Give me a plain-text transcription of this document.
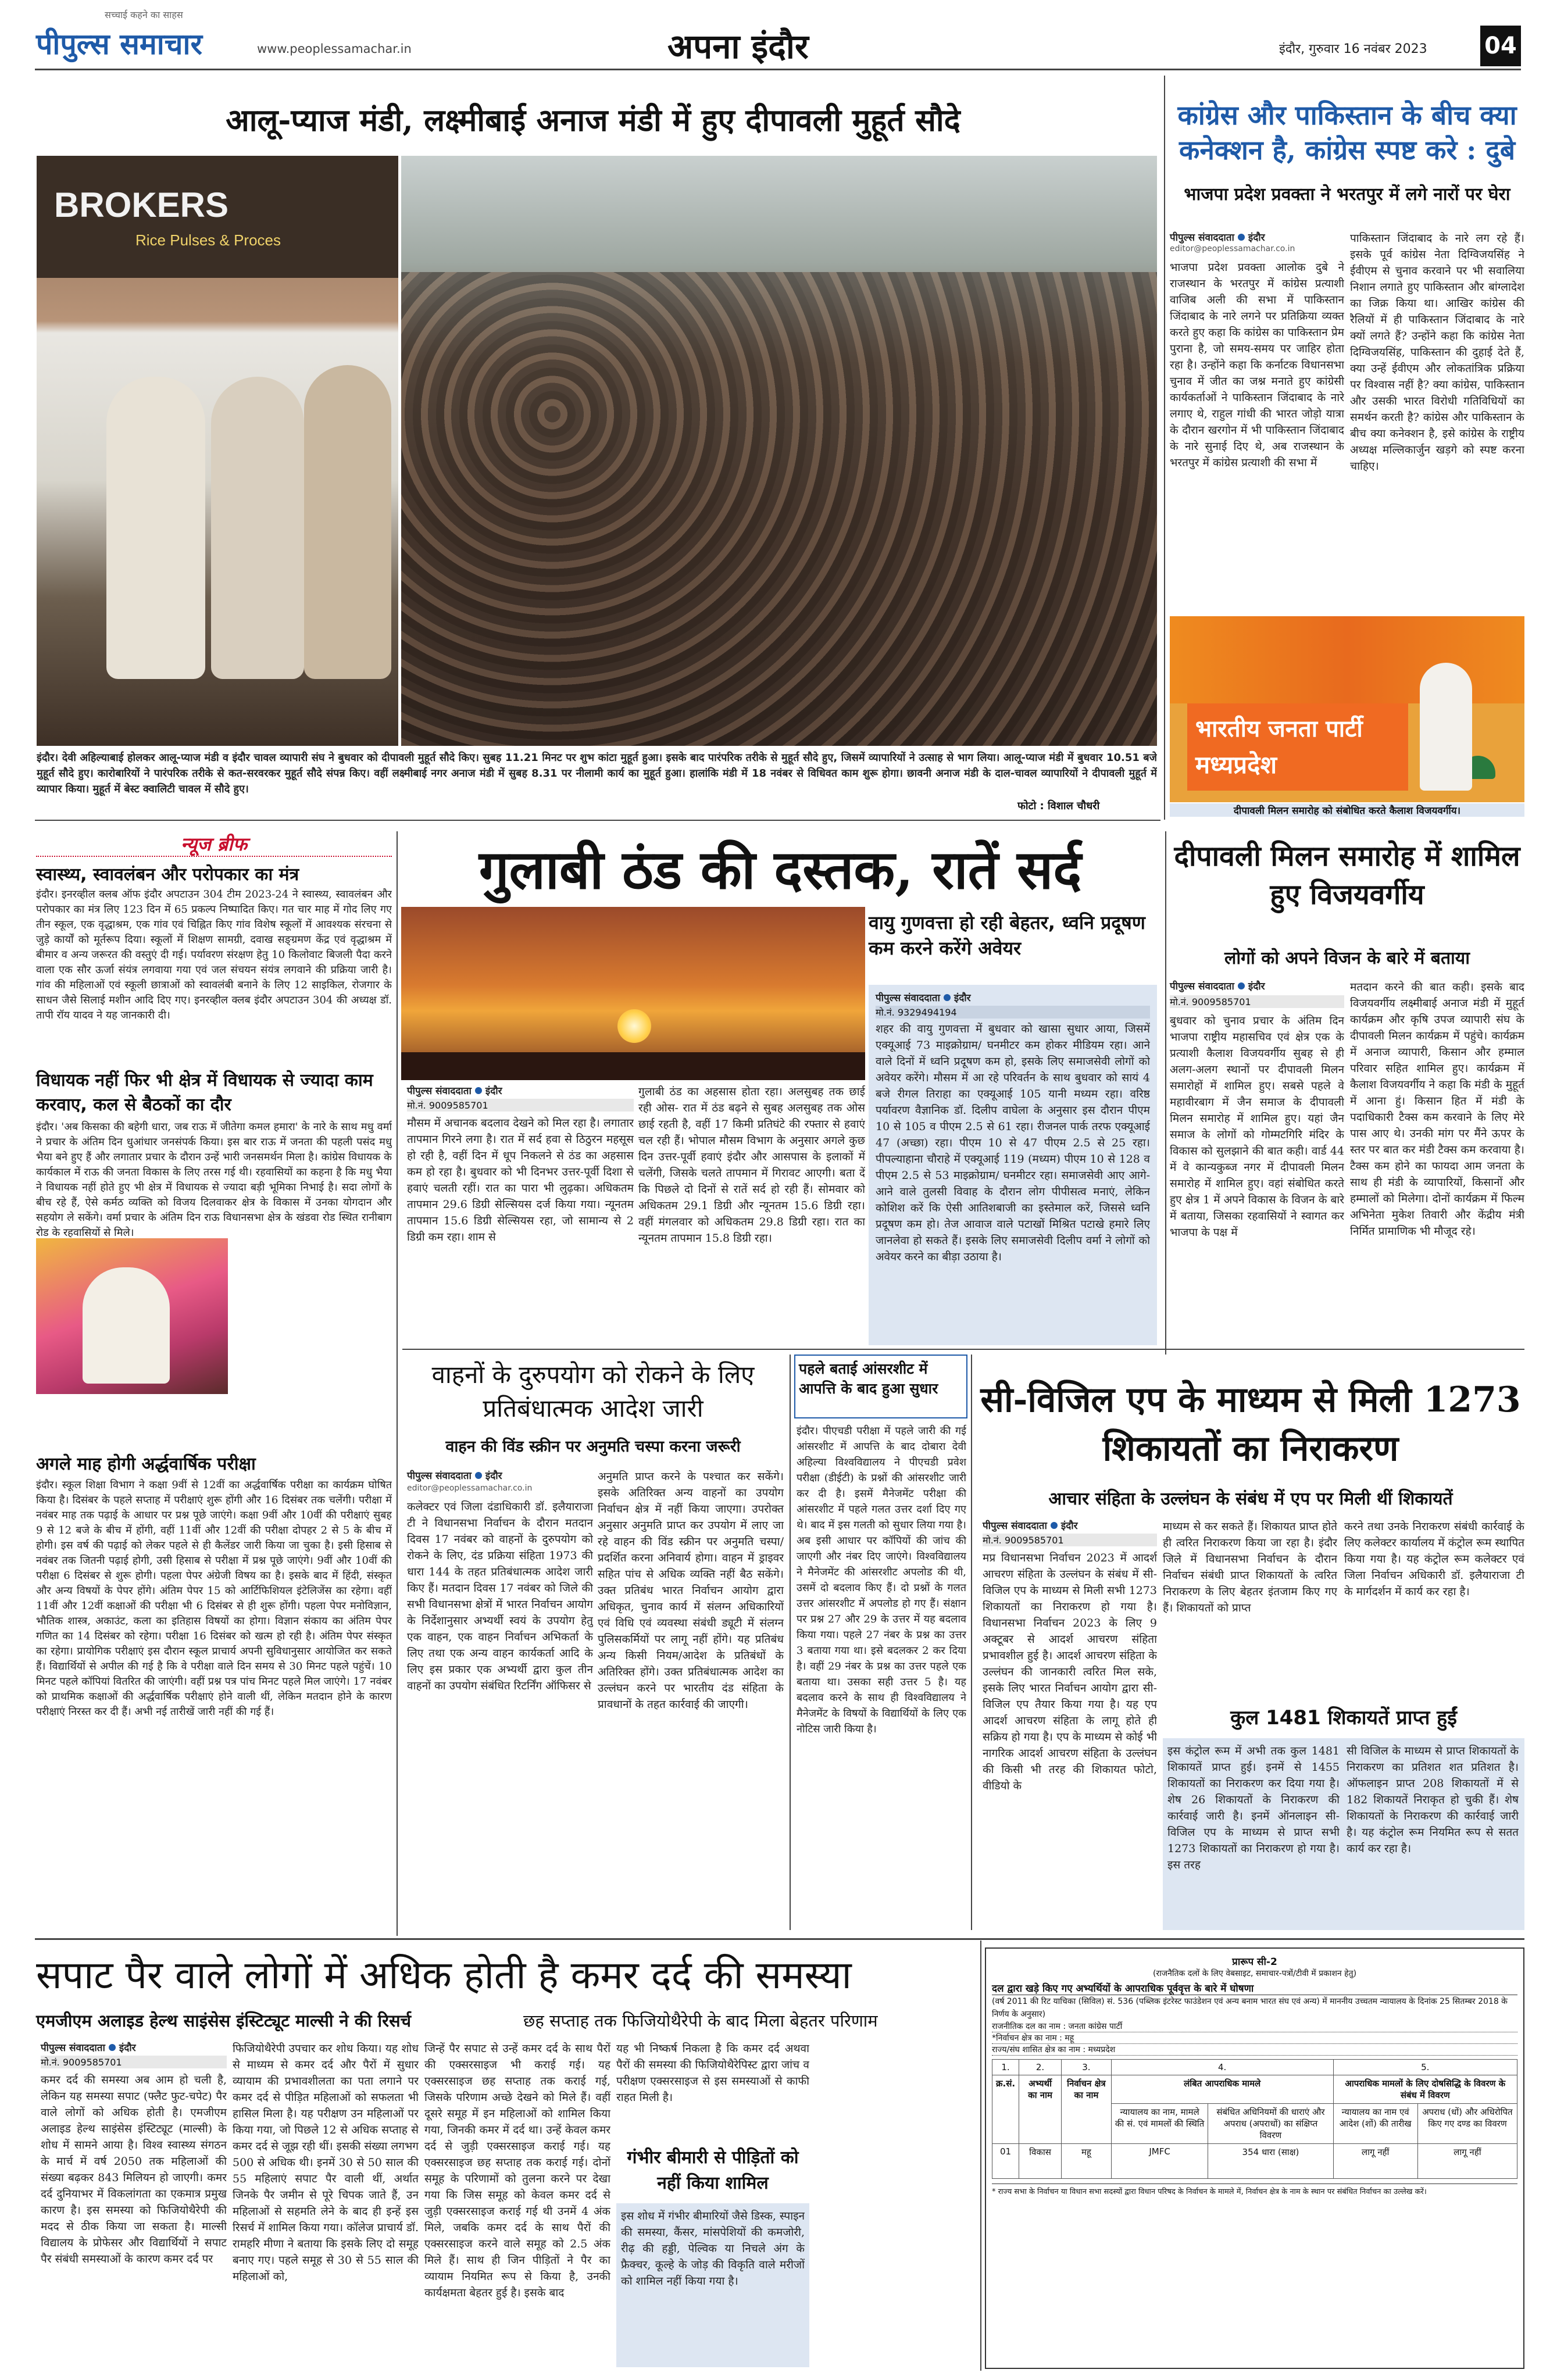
पीपुल्स समाचार
सच्चाई कहने का साहस
www.peoplessamachar.in	अपना इंदौर	इंदौर, गुरुवार 16 नवंबर 2023 04
आलू-प्याज मंडी, लक्ष्मीबाई अनाज मंडी में हुए दीपावली मुहूर्त सौदे
BROKERS
Rice Pulses & Proces
इंदौर। देवी अहिल्याबाई होलकर आलू-प्याज मंडी व इंदौर चावल व्यापारी संघ ने बुधवार को दीपावली मुहूर्त सौदे किए। सुबह 11.21 मिनट पर शुभ कांटा मुहूर्त हुआ। इसके बाद पारंपरिक तरीके से मुहूर्त सौदे हुए, जिसमें व्यापारियों ने उत्साह से भाग लिया। आलू-प्याज मंडी में बुधवार 10.51 बजे मुहूर्त सौदे हुए। कारोबारियों ने पारंपरिक तरीके से कत-सरवरकर मुहूर्त सौदे संपन्न किए। वहीं लक्ष्मीबाई नगर अनाज मंडी में सुबह 8.31 पर नीलामी कार्य का मुहूर्त हुआ। हालांकि मंडी में 18 नवंबर से विधिवत काम शुरू होगा। छावनी अनाज मंडी के दाल-चावल व्यापारियों ने दीपावली मुहूर्त में व्यापार किया। मुहूर्त में बेस्ट क्वालिटी चावल में सौदे हुए।
फोटो : विशाल चौधरी
कांग्रेस और पाकिस्तान के बीच क्या कनेक्शन है, कांग्रेस स्पष्ट करे : दुबे
भाजपा प्रदेश प्रवक्ता ने भरतपुर में लगे नारों पर घेरा
पीपुल्स संवाददाता इंदौर
editor@peoplessamachar.co.in
भाजपा प्रदेश प्रवक्ता आलोक दुबे ने राजस्थान के भरतपुर में कांग्रेस प्रत्याशी वाजिब अली की सभा में पाकिस्तान जिंदाबाद के नारे लगने पर प्रतिक्रिया व्यक्त करते हुए कहा कि कांग्रेस का पाकिस्तान प्रेम पुराना है, जो समय-समय पर जाहिर होता रहा है। उन्होंने कहा कि कर्नाटक विधानसभा चुनाव में जीत का जश्न मनाते हुए कांग्रेसी कार्यकर्ताओं ने पाकिस्तान जिंदाबाद के नारे लगाए थे, राहुल गांधी की भारत जोड़ो यात्रा के दौरान खरगोन में भी पाकिस्तान जिंदाबाद के नारे सुनाई दिए थे, अब राजस्थान के भरतपुर में कांग्रेस प्रत्याशी की सभा में
पाकिस्तान जिंदाबाद के नारे लग रहे हैं। इसके पूर्व कांग्रेस नेता दिग्विजयसिंह ने ईवीएम से चुनाव करवाने पर भी सवालिया निशान लगाते हुए पाकिस्तान और बांग्लादेश का जिक्र किया था। आखिर कांग्रेस की रैलियों में ही पाकिस्तान जिंदाबाद के नारे क्यों लगते हैं? उन्होंने कहा कि कांग्रेस नेता दिग्विजयसिंह, पाकिस्तान की दुहाई देते हैं, क्या उन्हें ईवीएम और लोकतांत्रिक प्रक्रिया पर विश्वास नहीं है? क्या कांग्रेस, पाकिस्तान और उसकी भारत विरोधी गतिविधियों का समर्थन करती है? कांग्रेस और पाकिस्तान के बीच क्या कनेक्शन है, इसे कांग्रेस के राष्ट्रीय अध्यक्ष मल्लिकार्जुन खड़गे को स्पष्ट करना चाहिए।
भारतीय जनता पार्टी
मध्यप्रदेश
दीपावली मिलन समारोह को संबोधित करते कैलाश विजयवर्गीय।
दीपावली मिलन समारोह में शामिल हुए विजयवर्गीय
लोगों को अपने विजन के बारे में बताया
पीपुल्स संवाददाता इंदौर
मो.नं. 9009585701
बुधवार को चुनाव प्रचार के अंतिम दिन भाजपा राष्ट्रीय महासचिव एवं क्षेत्र एक के प्रत्याशी कैलाश विजयवर्गीय सुबह से ही अलग-अलग स्थानों पर दीपावली मिलन समारोहों में शामिल हुए। सबसे पहले वे महावीरबाग में जैन समाज के दीपावली मिलन समारोह में शामिल हुए। यहां जैन समाज के लोगों को गोम्मटगिरि मंदिर के विकास को सुलझाने की बात कही। वार्ड 44 में वे कान्यकुब्ज नगर में दीपावली मिलन समारोह में शामिल हुए। वहां संबोधित करते हुए क्षेत्र 1 में अपने विकास के विजन के बारे में बताया, जिसका रहवासियों ने स्वागत कर भाजपा के पक्ष में
मतदान करने की बात कही। इसके बाद विजयवर्गीय लक्ष्मीबाई अनाज मंडी में मुहूर्त कार्यक्रम और कृषि उपज व्यापारी संघ के दीपावली मिलन कार्यक्रम में पहुंचे। कार्यक्रम में अनाज व्यापारी, किसान और हम्माल परिवार सहित शामिल हुए। कार्यक्रम में कैलाश विजयवर्गीय ने कहा कि मंडी के मुहूर्त में आना हुं। किसान हित में मंडी के पदाधिकारी टैक्स कम करवाने के लिए मेरे पास आए थे। उनकी मांग पर मैंने ऊपर के स्तर पर बात कर मंडी टैक्स कम करवाया है। टैक्स कम होने का फायदा आम जनता के साथ ही मंडी के व्यापारियों, किसानों और हम्मालों को मिलेगा। दोनों कार्यक्रम में फिल्म अभिनेता मुकेश तिवारी और केंद्रीय मंत्री निर्मित प्रामाणिक भी मौजूद रहे।
न्यूज ब्रीफ
स्वास्थ्य, स्वावलंबन और परोपकार का मंत्र
इंदौर। इनरव्हील क्लब ऑफ इंदौर अपटाउन 304 टीम 2023-24 ने स्वास्थ्य, स्वावलंबन और परोपकार का मंत्र लिए 123 दिन में 65 प्रकल्प निष्पादित किए। गत चार माह में गोद लिए गए तीन स्कूल, एक वृद्धाश्रम, एक गांव एवं चिह्नित किए गांव विशेष स्कूलों में आवश्यक संरचना से जुड़े कार्यों को मूर्तरूप दिया। स्कूलों में शिक्षण सामग्री, दवाख सङ्ग्रमण केंद्र एवं वृद्धाश्रम में बीमार व अन्य जरूरत की वस्तुएं दी गई। पर्यावरण संरक्षण हेतु 10 किलोवाट बिजली पैदा करने वाला एक सौर ऊर्जा संयंत्र लगवाया गया एवं जल संचयन संयंत्र लगवाने की प्रक्रिया जारी है। गांव की महिलाओं एवं स्कूली छात्राओं को स्वावलंबी बनाने के लिए 12 साइकिल, रोजगार के साधन जैसे सिलाई मशीन आदि दिए गए। इनरव्हील क्लब इंदौर अपटाउन 304 की अध्यक्ष डॉ. तापी रॉय यादव ने यह जानकारी दी।
विधायक नहीं फिर भी क्षेत्र में विधायक से ज्यादा काम करवाए, कल से बैठकों का दौर
इंदौर। 'अब किसका की बहेगी धारा, जब राऊ में जीतेगा कमल हमारा' के नारे के साथ मधु वर्मा ने प्रचार के अंतिम दिन धुआंधार जनसंपर्क किया। इस बार राऊ में जनता की पहली पसंद मधु भैया बने हुए हैं और लगातार प्रचार के दौरान उन्हें भारी जनसमर्थन मिला है। कांग्रेस विधायक के कार्यकाल में राऊ की जनता विकास के लिए तरस गई थी। रहवासियों का कहना है कि मधु भैया ने विधायक नहीं होते हुए भी क्षेत्र में विधायक से ज्यादा बड़ी भूमिका निभाई है। सदा लोगों के बीच रहे हैं, ऐसे कर्मठ व्यक्ति को विजय दिलवाकर क्षेत्र के विकास में उनका योगदान और सहयोग ले सकेंगे। वर्मा प्रचार के अंतिम दिन राऊ विधानसभा क्षेत्र के खंडवा रोड स्थित रानीबाग रोड के रहवासियों से मिले।
अगले माह होगी अर्द्धवार्षिक परीक्षा
इंदौर। स्कूल शिक्षा विभाग ने कक्षा 9वीं से 12वीं का अर्द्धवार्षिक परीक्षा का कार्यक्रम घोषित किया है। दिसंबर के पहले सप्ताह में परीक्षाएं शुरू होंगी और 16 दिसंबर तक चलेंगी। परीक्षा में नवंबर माह तक पढ़ाई के आधार पर प्रश्न पूछे जाएंगे। कक्षा 9वीं और 10वीं की परीक्षाएं सुबह 9 से 12 बजे के बीच में होंगी, वहीं 11वीं और 12वीं की परीक्षा दोपहर 2 से 5 के बीच में होगी। इस वर्ष की पढ़ाई को लेकर पहले से ही कैलेंडर जारी किया जा चुका है। इसी हिसाब से नवंबर तक जितनी पढ़ाई होगी, उसी हिसाब से परीक्षा में प्रश्न पूछे जाएंगे। 9वीं और 10वीं की परीक्षा 6 दिसंबर से शुरू होगी। पहला पेपर अंग्रेजी विषय का है। इसके बाद में हिंदी, संस्कृत और अन्य विषयों के पेपर होंगे। अंतिम पेपर 15 को आर्टिफिशियल इंटेलिजेंस का रहेगा। वहीं 11वीं और 12वीं कक्षाओं की परीक्षा भी 6 दिसंबर से ही शुरू होंगी। पहला पेपर मनोविज्ञान, भौतिक शास्त्र, अकाउंट, कला का इतिहास विषयों का होगा। विज्ञान संकाय का अंतिम पेपर गणित का 14 दिसंबर को रहेगा। परीक्षा 16 दिसंबर को खत्म हो रही है। अंतिम पेपर संस्कृत का रहेगा। प्रायोगिक परीक्षाएं इस दौरान स्कूल प्राचार्य अपनी सुविधानुसार आयोजित कर सकते हैं। विद्यार्थियों से अपील की गई है कि वे परीक्षा वाले दिन समय से 30 मिनट पहले पहुंचें। 10 मिनट पहले कॉपियां वितरित की जाएंगी। वहीं प्रश्न पत्र पांच मिनट पहले मिल जाएंगे। 17 नवंबर को प्राथमिक कक्षाओं की अर्द्धवार्षिक परीक्षाएं होने वाली थीं, लेकिन मतदान होने के कारण परीक्षाएं निरस्त कर दी हैं। अभी नई तारीखें जारी नहीं की गई हैं।
गुलाबी ठंड की दस्तक, रातें सर्द
वायु गुणवत्ता हो रही बेहतर, ध्वनि प्रदूषण कम करने करेंगे अवेयर
पीपुल्स संवाददाता इंदौर
मो.नं. 9009585701
मौसम में अचानक बदलाव देखने को मिल रहा है। लगातार तापमान गिरने लगा है। रात में सर्द हवा से ठिठुरन महसूस हो रही है, वहीं दिन में धूप निकलने से ठंड का अहसास कम हो रहा है। बुधवार को भी दिनभर उत्तर-पूर्वी दिशा से हवाएं चलती रहीं। रात का पारा भी लुढ़का। अधिकतम तापमान 29.6 डिग्री सेल्सियस दर्ज किया गया। न्यूनतम तापमान 15.6 डिग्री सेल्सियस रहा, जो सामान्य से 2 डिग्री कम रहा। शाम से
गुलाबी ठंड का अहसास होता रहा। अलसुबह तक छाई रही ओस- रात में ठंड बढ़ने से सुबह अलसुबह तक ओस छाई रहती है, वहीं 17 किमी प्रतिघंटे की रफ्तार से हवाएं चल रही हैं। भोपाल मौसम विभाग के अनुसार अगले कुछ दिन उत्तर-पूर्वी हवाएं इंदौर और आसपास के इलाकों में चलेंगी, जिसके चलते तापमान में गिरावट आएगी। बता दें कि पिछले दो दिनों से रातें सर्द हो रही हैं। सोमवार को अधिकतम 29.1 डिग्री और न्यूनतम 15.6 डिग्री रहा। वहीं मंगलवार को अधिकतम 29.8 डिग्री रहा। रात का न्यूनतम तापमान 15.8 डिग्री रहा।
पीपुल्स संवाददाता इंदौर
मो.नं. 9329494194
शहर की वायु गुणवत्ता में बुधवार को खासा सुधार आया, जिसमें एक्यूआई 73 माइक्रोग्राम/ घनमीटर कम होकर मीडियम रहा। आने वाले दिनों में ध्वनि प्रदूषण कम हो, इसके लिए समाजसेवी लोगों को अवेयर करेंगे। मौसम में आ रहे परिवर्तन के साथ बुधवार को सायं 4 बजे रीगल तिराहा का एक्यूआई 105 यानी मध्यम रहा। वरिष्ठ पर्यावरण वैज्ञानिक डॉ. दिलीप वाघेला के अनुसार इस दौरान पीएम 10 से 105 व पीएम 2.5 से 61 रहा। रीजनल पार्क तरफ एक्यूआई 47 (अच्छा) रहा। पीएम 10 से 47 पीएम 2.5 से 25 रहा। पीपल्याहाना चौराहे में एक्यूआई 119 (मध्यम) पीएम 10 से 128 व पीएम 2.5 से 53 माइक्रोग्राम/ घनमीटर रहा। समाजसेवी आए आगे- आने वाले तुलसी विवाह के दौरान लोग पीपीसत्व मनाएं, लेकिन कोशिश करें कि ऐसी आतिशबाजी का इस्तेमाल करें, जिससे ध्वनि प्रदूषण कम हो। तेज आवाज वाले पटाखों मिश्रित पटाखे हमारे लिए जानलेवा हो सकते हैं। इसके लिए समाजसेवी दिलीप वर्मा ने लोगों को अवेयर करने का बीड़ा उठाया है।
वाहनों के दुरुपयोग को रोकने के लिए प्रतिबंधात्मक आदेश जारी
वाहन की विंड स्क्रीन पर अनुमति चस्पा करना जरूरी
पीपुल्स संवाददाता इंदौर
editor@peoplessamachar.co.in
कलेक्टर एवं जिला दंडाधिकारी डॉ. इलैयाराजा टी ने विधानसभा निर्वाचन के दौरान मतदान दिवस 17 नवंबर को वाहनों के दुरुपयोग को रोकने के लिए, दंड प्रक्रिया संहिता 1973 की धारा 144 के तहत प्रतिबंधात्मक आदेश जारी किए हैं। मतदान दिवस 17 नवंबर को जिले की सभी विधानसभा क्षेत्रों में भारत निर्वाचन आयोग के निर्देशानुसार अभ्यर्थी स्वयं के उपयोग हेतु एक वाहन, एक वाहन निर्वाचन अभिकर्ता के लिए तथा एक अन्य वाहन कार्यकर्ता आदि के लिए इस प्रकार एक अभ्यर्थी द्वारा कुल तीन वाहनों का उपयोग संबंधित रिटर्निंग ऑफिसर से
अनुमति प्राप्त करने के पश्चात कर सकेंगे। इसके अतिरिक्त अन्य वाहनों का उपयोग निर्वाचन क्षेत्र में नहीं किया जाएगा। उपरोक्त अनुसार अनुमति प्राप्त कर उपयोग में लाए जा रहे वाहन की विंड स्क्रीन पर अनुमति चस्पा/प्रदर्शित करना अनिवार्य होगा। वाहन में ड्राइवर सहित पांच से अधिक व्यक्ति नहीं बैठ सकेंगे। उक्त प्रतिबंध भारत निर्वाचन आयोग द्वारा अधिकृत, चुनाव कार्य में संलग्न अधिकारियों एवं विधि एवं व्यवस्था संबंधी ड्यूटी में संलग्न पुलिसकर्मियों पर लागू नहीं होंगे। यह प्रतिबंध अन्य किसी नियम/आदेश के प्रतिबंधों के अतिरिक्त होंगे। उक्त प्रतिबंधात्मक आदेश का उल्लंघन करने पर भारतीय दंड संहिता के प्रावधानों के तहत कार्रवाई की जाएगी।
पहले बताई आंसरशीट में आपत्ति के बाद हुआ सुधार
इंदौर। पीएचडी परीक्षा में पहले जारी की गई आंसरशीट में आपत्ति के बाद दोबारा देवी अहिल्या विश्वविद्यालय ने पीएचडी प्रवेश परीक्षा (डीईटी) के प्रश्नों की आंसरशीट जारी कर दी है। इसमें मैनेजमेंट परीक्षा की आंसरशीट में पहले गलत उत्तर दर्शा दिए गए थे। बाद में इस गलती को सुधार लिया गया है। अब इसी आधार पर कॉपियों की जांच की जाएगी और नंबर दिए जाएंगे। विश्वविद्यालय ने मैनेजमेंट की आंसरशीट अपलोड की थी, उसमें दो बदलाव किए हैं। दो प्रश्नों के गलत उत्तर आंसरशीट में अपलोड हो गए हैं। संक्षान पर प्रश्न 27 और 29 के उत्तर में यह बदलाव किया गया। पहले 27 नंबर के प्रश्न का उत्तर 3 बताया गया था। इसे बदलकर 2 कर दिया है। वहीं 29 नंबर के प्रश्न का उत्तर पहले एक बताया था। उसका सही उत्तर 5 है। यह बदलाव करने के साथ ही विश्वविद्यालय ने मैनेजमेंट के विषयों के विद्यार्थियों के लिए एक नोटिस जारी किया है।
सी-विजिल एप के माध्यम से मिली 1273 शिकायतों का निराकरण
आचार संहिता के उल्लंघन के संबंध में एप पर मिली थीं शिकायतें
पीपुल्स संवाददाता इंदौर
मो.नं. 9009585701
मप्र विधानसभा निर्वाचन 2023 में आदर्श आचरण संहिता के उल्लंघन के संबंध में सी-विजिल एप के माध्यम से मिली सभी 1273 शिकायतों का निराकरण हो गया है। विधानसभा निर्वाचन 2023 के लिए 9 अक्टूबर से आदर्श आचरण संहिता प्रभावशील हुई है। आदर्श आचरण संहिता के उल्लंघन की जानकारी त्वरित मिल सके, इसके लिए भारत निर्वाचन आयोग द्वारा सी-विजिल एप तैयार किया गया है। यह एप आदर्श आचरण संहिता के लागू होते ही सक्रिय हो गया है। एप के माध्यम से कोई भी नागरिक आदर्श आचरण संहिता के उल्लंघन की किसी भी तरह की शिकायत फोटो, वीडियो के
माध्यम से कर सकते हैं। शिकायत प्राप्त होते ही त्वरित निराकरण किया जा रहा है। इंदौर जिले में विधानसभा निर्वाचन के दौरान निर्वाचन संबंधी प्राप्त शिकायतों के त्वरित निराकरण के लिए बेहतर इंतजाम किए गए हैं। शिकायतों को प्राप्त
करने तथा उनके निराकरण संबंधी कार्रवाई के लिए कलेक्टर कार्यालय में कंट्रोल रूम स्थापित किया गया है। यह कंट्रोल रूम कलेक्टर एवं जिला निर्वाचन अधिकारी डॉ. इलैयाराजा टी के मार्गदर्शन में कार्य कर रहा है।
कुल 1481 शिकायतें प्राप्त हुईं
इस कंट्रोल रूम में अभी तक कुल 1481 शिकायतें प्राप्त हुई। इनमें से 1455 शिकायतों का निराकरण कर दिया गया है। शेष 26 शिकायतों के निराकरण की कार्रवाई जारी है। इनमें ऑनलाइन सी-विजिल एप के माध्यम से प्राप्त सभी 1273 शिकायतों का निराकरण हो गया है। इस तरह
सी विजिल के माध्यम से प्राप्त शिकायतों के निराकरण का प्रतिशत शत प्रतिशत है। ऑफलाइन प्राप्त 208 शिकायतों में से 182 शिकायतें निराकृत हो चुकी हैं। शेष शिकायतों के निराकरण की कार्रवाई जारी है। यह कंट्रोल रूम नियमित रूप से सतत कार्य कर रहा है।
सपाट पैर वाले लोगों में अधिक होती है कमर दर्द की समस्या
एमजीएम अलाइड हेल्थ साइंसेस इंस्टिट्यूट माल्सी ने की रिसर्च	छह सप्ताह तक फिजियोथैरेपी के बाद मिला बेहतर परिणाम
पीपुल्स संवाददाता इंदौर
मो.नं. 9009585701
कमर दर्द की समस्या अब आम हो चली है, लेकिन यह समस्या सपाट (फ्लैट फुट-चपेट) पैर वाले लोगों को अधिक होती है। एमजीएम अलाइड हेल्थ साइंसेस इंस्टिट्यूट (माल्सी) के शोध में सामने आया है। विश्व स्वास्थ्य संगठन के मार्च में वर्ष 2050 तक महिलाओं की संख्या बढ़कर 843 मिलियन हो जाएगी। कमर दर्द दुनियाभर में विकलांगता का एकमात्र प्रमुख कारण है। इस समस्या को फिजियोथैरेपी की मदद से ठीक किया जा सकता है। माल्सी विद्यालय के प्रोफेसर और विद्यार्थियों ने सपाट पैर संबंधी समस्याओं के कारण कमर दर्द पर
फिजियोथैरेपी उपचार कर शोध किया। यह शोध से माध्यम से कमर दर्द और पैरों में सुधार व्यायाम की प्रभावशीलता का पता लगाने पर कमर दर्द से पीड़ित महिलाओं को सफलता भी हासिल मिला है। यह परीक्षण उन महिलाओं पर किया गया, जो पिछले 12 से अधिक सप्ताह से कमर दर्द से जूझ रही थीं। इसकी संख्या लगभग 500 से अधिक थी। इनमें 30 से 50 साल की 55 महिलाएं सपाट पैर वाली थीं, अर्थात जिनके पैर जमीन से पूरे चिपक जाते हैं, उन महिलाओं से सहमति लेने के बाद ही इन्हें इस रिसर्च में शामिल किया गया। कॉलेज प्राचार्य डॉ. रामहरि मीणा ने बताया कि इसके लिए दो समूह बनाए गए। पहले समूह से 30 से 55 साल की महिलाओं को,
जिन्हें पैर सपाट से उन्हें कमर दर्द के साथ पैरों की एक्सरसाइज भी कराई गई। यह एक्सरसाइज छह सप्ताह तक कराई गई, जिसके परिणाम अच्छे देखने को मिले हैं। वहीं दूसरे समूह में इन महिलाओं को शामिल किया गया, जिनकी कमर में दर्द था। उन्हें केवल कमर दर्द से जुड़ी एक्सरसाइज कराई गई। यह एक्सरसाइज छह सप्ताह तक कराई गई। दोनों समूह के परिणामों को तुलना करने पर देखा गया कि जिस समूह को केवल कमर दर्द से जुड़ी एक्सरसाइज कराई गई थी उनमें 4 अंक मिले, जबकि कमर दर्द के साथ पैरों की एक्सरसाइज करने वाले समूह को 2.5 अंक मिले हैं। साथ ही जिन पीड़ितों ने पैर का व्यायाम नियमित रूप से किया है, उनकी कार्यक्षमता बेहतर हुई है। इसके बाद
यह भी निष्कर्ष निकला है कि कमर दर्द अथवा पैरों की समस्या की फिजियोथैरेपिस्ट द्वारा जांच व परीक्षण एक्सरसाइज से इस समस्याओं से काफी राहत मिली है।
गंभीर बीमारी से पीड़ितों को नहीं किया शामिल
इस शोध में गंभीर बीमारियों जैसे डिस्क, स्पाइन की समस्या, कैंसर, मांसपेशियों की कमजोरी, रीढ़ की हड्डी, पेल्विक या निचले अंग के फ्रैक्चर, कूल्हे के जोड़ की विकृति वाले मरीजों को शामिल नहीं किया गया है।
प्रारूप सी-2
(राजनैतिक दलों के लिए वेबसाइट, समाचार-पत्रों/टीवी में प्रकाशन हेतु)
दल द्वारा खड़े किए गए अभ्यर्थियों के आपराधिक पूर्ववृत्त के बारे में घोषणा
(वर्ष 2011 की रिट याचिका (सिविल) सं. 536 (पब्लिक इंटरेस्ट फाउंडेशन एवं अन्य बनाम भारत संघ एवं अन्य) में माननीय उच्चतम न्यायालय के दिनांक 25 सितम्बर 2018 के निर्णय के अनुसार)
राजनीतिक दल का नाम : जनता कांग्रेस पार्टी
*निर्वाचन क्षेत्र का नाम : महू
राज्य/संघ शासित क्षेत्र का नाम : मध्यप्रदेश
1.	2.	3.	4.		5.	
क्र.सं.	अभ्यर्थी का नाम	निर्वाचन क्षेत्र का नाम	लंबित आपराधिक मामले		आपराधिक मामलों के लिए दोषसिद्धि के विवरण के संबंध में विवरण	
			न्यायालय का नाम, मामले की सं. एवं मामलों की स्थिति	संबंधित अधिनियमों की धाराएं और अपराध (अपराधों) का संक्षिप्त विवरण	न्यायालय का नाम एवं आदेश (शों) की तारीख	अपराध (धों) और अधिरोपित किए गए दण्ड का विवरण
01	विकास	महू	JMFC	354 धारा (साक्ष)	लागू नहीं	लागू नहीं
* राज्य सभा के निर्वाचन या विधान सभा सदस्यों द्वारा विधान परिषद के निर्वाचन के मामले में, निर्वाचन क्षेत्र के नाम के स्थान पर संबंधित निर्वाचन का उल्लेख करें।
